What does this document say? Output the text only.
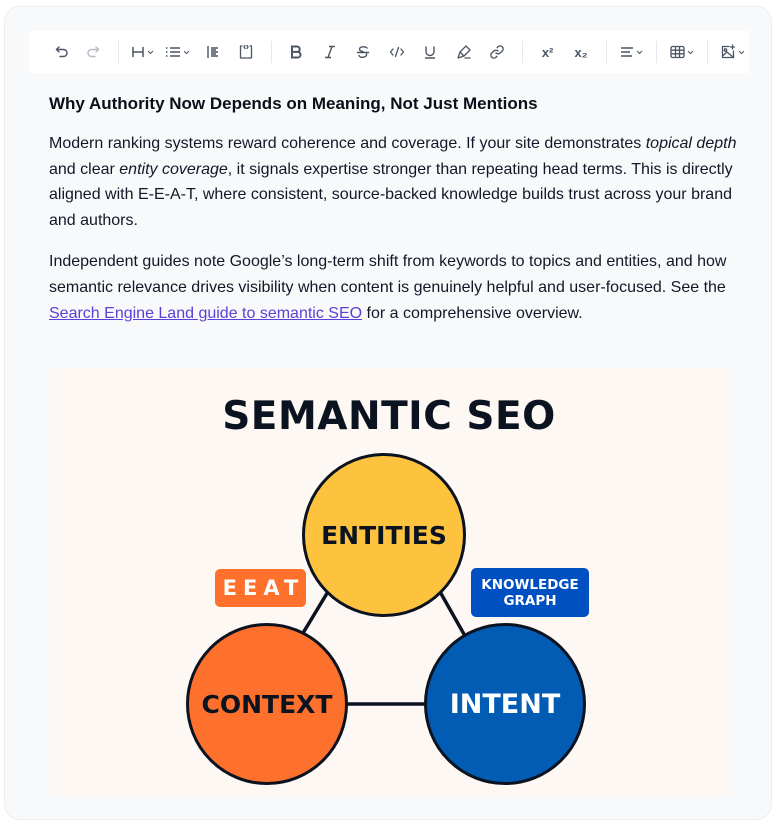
x² x₂
Why Authority Now Depends on Meaning, Not Just Mentions

Modern ranking systems reward coherence and coverage. If your site demonstrates topical depth and clear entity coverage, it signals expertise stronger than repeating head terms. This is directly aligned with E-E-A-T, where consistent, source-backed knowledge builds trust across your brand and authors.

Independent guides note Google’s long-term shift from keywords to topics and entities, and how semantic relevance drives visibility when content is genuinely helpful and user-focused. See the Search Engine Land guide to semantic SEO for a comprehensive overview.

SEMANTIC SEO
ENTITIES
CONTEXT	INTENT
EEAT	KNOWLEDGE
GRAPH
